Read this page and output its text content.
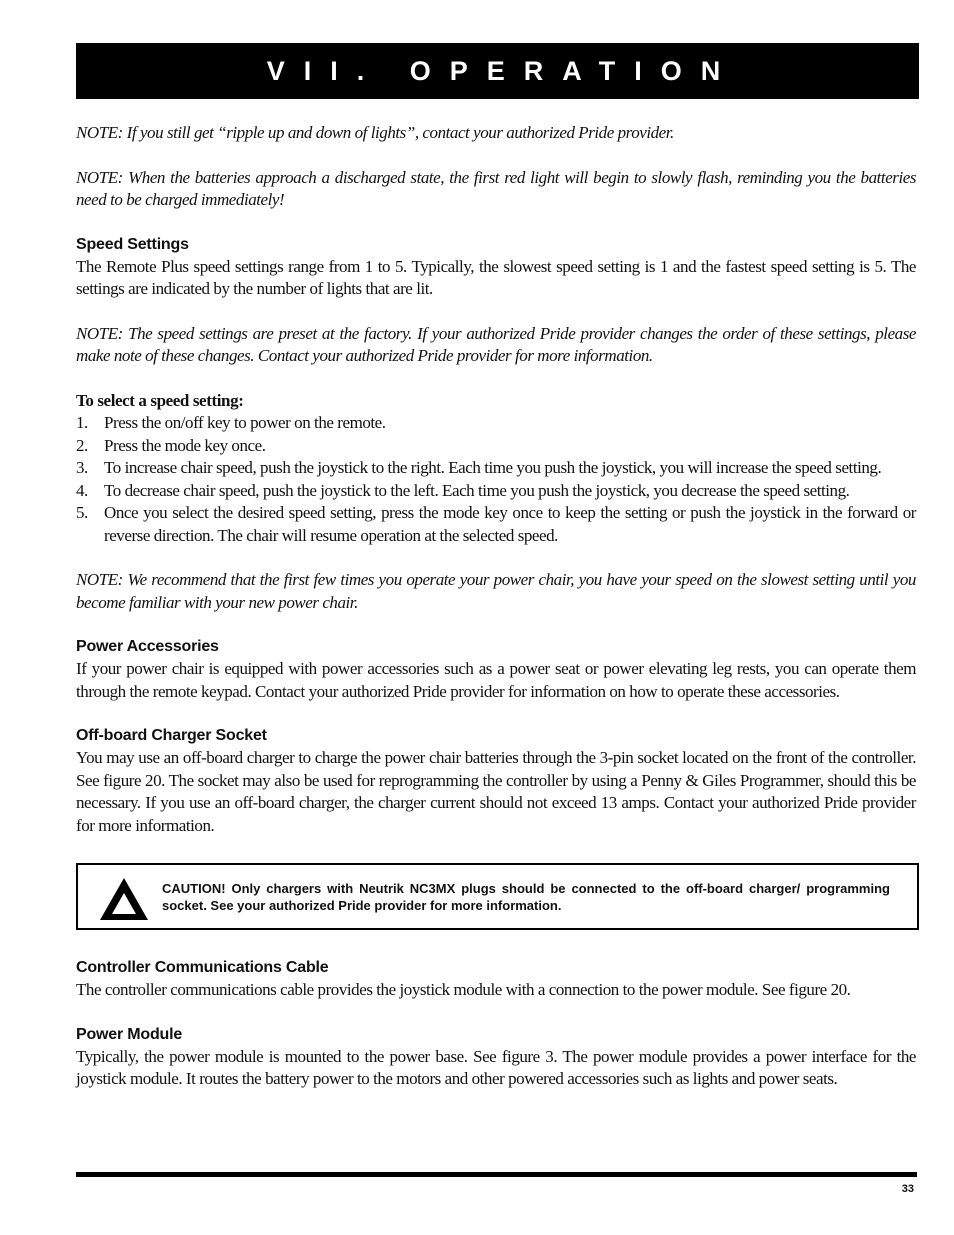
VII. OPERATION

NOTE: If you still get “ripple up and down of lights”, contact your authorized Pride provider.

NOTE: When the batteries approach a discharged state, the first red light will begin to slowly flash, reminding you the batteries need to be charged immediately!

Speed Settings

The Remote Plus speed settings range from 1 to 5. Typically, the slowest speed setting is 1 and the fastest speed setting is 5. The settings are indicated by the number of lights that are lit.

NOTE: The speed settings are preset at the factory. If your authorized Pride provider changes the order of these settings, please make note of these changes. Contact your authorized Pride provider for more information.

To select a speed setting:

1. Press the on/off key to power on the remote.
2. Press the mode key once.
3. To increase chair speed, push the joystick to the right. Each time you push the joystick, you will increase the speed setting.
4. To decrease chair speed, push the joystick to the left. Each time you push the joystick, you decrease the speed setting.
5. Once you select the desired speed setting, press the mode key once to keep the setting or push the joystick in the forward or reverse direction. The chair will resume operation at the selected speed.

NOTE: We recommend that the first few times you operate your power chair, you have your speed on the slowest setting until you become familiar with your new power chair.

Power Accessories

If your power chair is equipped with power accessories such as a power seat or power elevating leg rests, you can operate them through the remote keypad. Contact your authorized Pride provider for information on how to operate these accessories.

Off-board Charger Socket

You may use an off-board charger to charge the power chair batteries through the 3-pin socket located on the front of the controller. See figure 20. The socket may also be used for reprogramming the controller by using a Penny & Giles Programmer, should this be necessary. If you use an off-board charger, the charger current should not exceed 13 amps. Contact your authorized Pride provider for more information.

CAUTION! Only chargers with Neutrik NC3MX plugs should be connected to the off-board charger/ programming socket. See your authorized Pride provider for more information.

Controller Communications Cable

The controller communications cable provides the joystick module with a connection to the power module. See figure 20.

Power Module

Typically, the power module is mounted to the power base. See figure 3. The power module provides a power interface for the joystick module. It routes the battery power to the motors and other powered accessories such as lights and power seats.

33
